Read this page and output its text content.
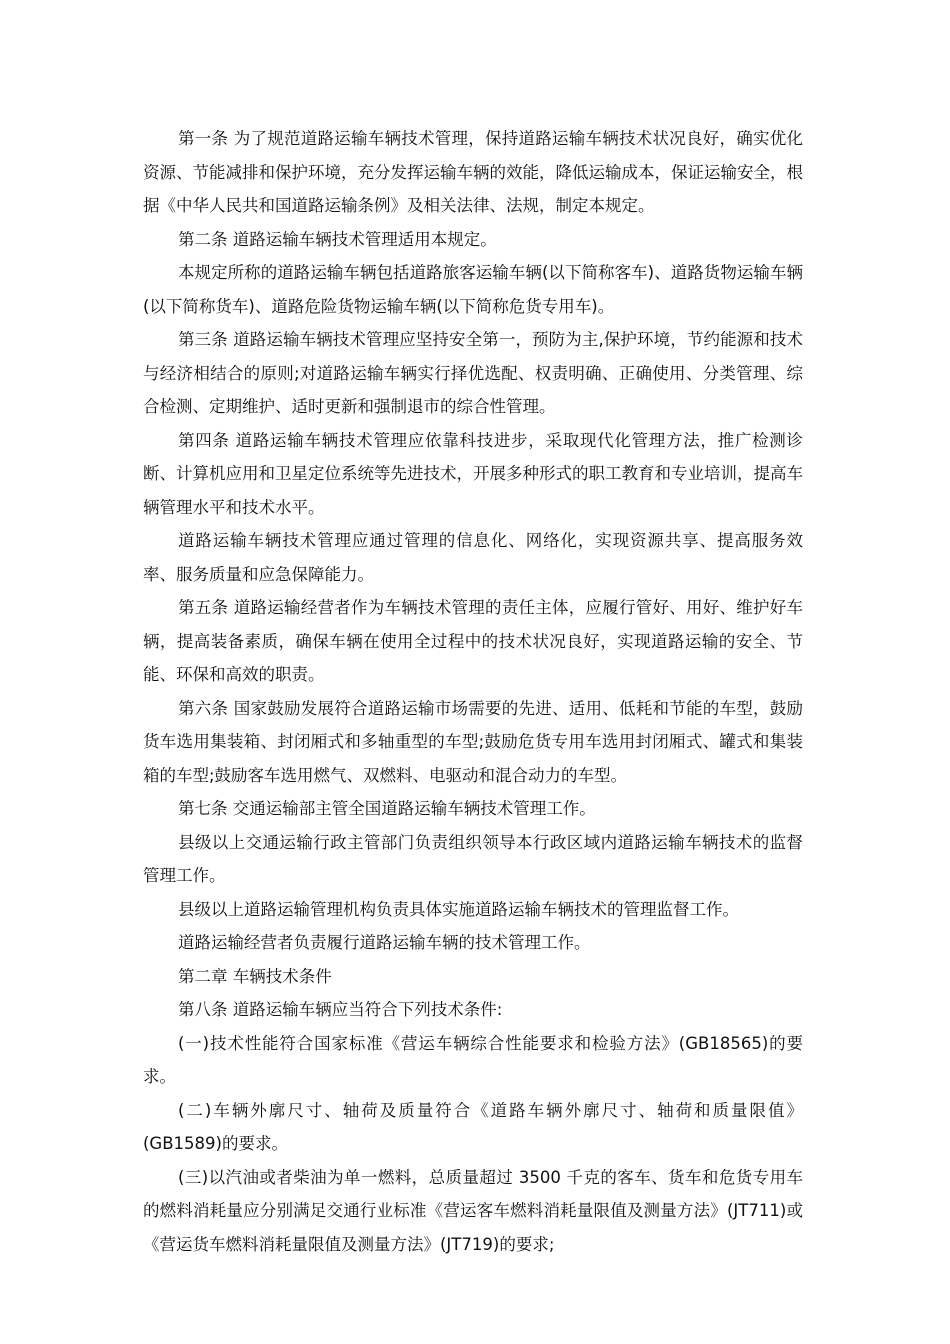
第一条 为了规范道路运输车辆技术管理，保持道路运输车辆技术状况良好，确实优化资源、节能减排和保护环境，充分发挥运输车辆的效能，降低运输成本，保证运输安全，根据《中华人民共和国道路运输条例》及相关法律、法规，制定本规定。

第二条 道路运输车辆技术管理适用本规定。

本规定所称的道路运输车辆包括道路旅客运输车辆(以下简称客车)、道路货物运输车辆(以下简称货车)、道路危险货物运输车辆(以下简称危货专用车)。

第三条 道路运输车辆技术管理应坚持安全第一，预防为主,保护环境，节约能源和技术与经济相结合的原则;对道路运输车辆实行择优选配、权责明确、正确使用、分类管理、综合检测、定期维护、适时更新和强制退市的综合性管理。

第四条 道路运输车辆技术管理应依靠科技进步，采取现代化管理方法，推广检测诊断、计算机应用和卫星定位系统等先进技术，开展多种形式的职工教育和专业培训，提高车辆管理水平和技术水平。

道路运输车辆技术管理应通过管理的信息化、网络化，实现资源共享、提高服务效率、服务质量和应急保障能力。

第五条 道路运输经营者作为车辆技术管理的责任主体，应履行管好、用好、维护好车辆，提高装备素质，确保车辆在使用全过程中的技术状况良好，实现道路运输的安全、节能、环保和高效的职责。

第六条 国家鼓励发展符合道路运输市场需要的先进、适用、低耗和节能的车型，鼓励货车选用集装箱、封闭厢式和多轴重型的车型;鼓励危货专用车选用封闭厢式、罐式和集装箱的车型;鼓励客车选用燃气、双燃料、电驱动和混合动力的车型。

第七条 交通运输部主管全国道路运输车辆技术管理工作。

县级以上交通运输行政主管部门负责组织领导本行政区域内道路运输车辆技术的监督管理工作。

县级以上道路运输管理机构负责具体实施道路运输车辆技术的管理监督工作。

道路运输经营者负责履行道路运输车辆的技术管理工作。

第二章 车辆技术条件

第八条 道路运输车辆应当符合下列技术条件:

(一)技术性能符合国家标准《营运车辆综合性能要求和检验方法》(GB18565)的要求。

(二)车辆外廓尺寸、轴荷及质量符合《道路车辆外廓尺寸、轴荷和质量限值》(GB1589)的要求。

(三)以汽油或者柴油为单一燃料，总质量超过 3500 千克的客车、货车和危货专用车的燃料消耗量应分别满足交通行业标准《营运客车燃料消耗量限值及测量方法》(JT711)或《营运货车燃料消耗量限值及测量方法》(JT719)的要求;
